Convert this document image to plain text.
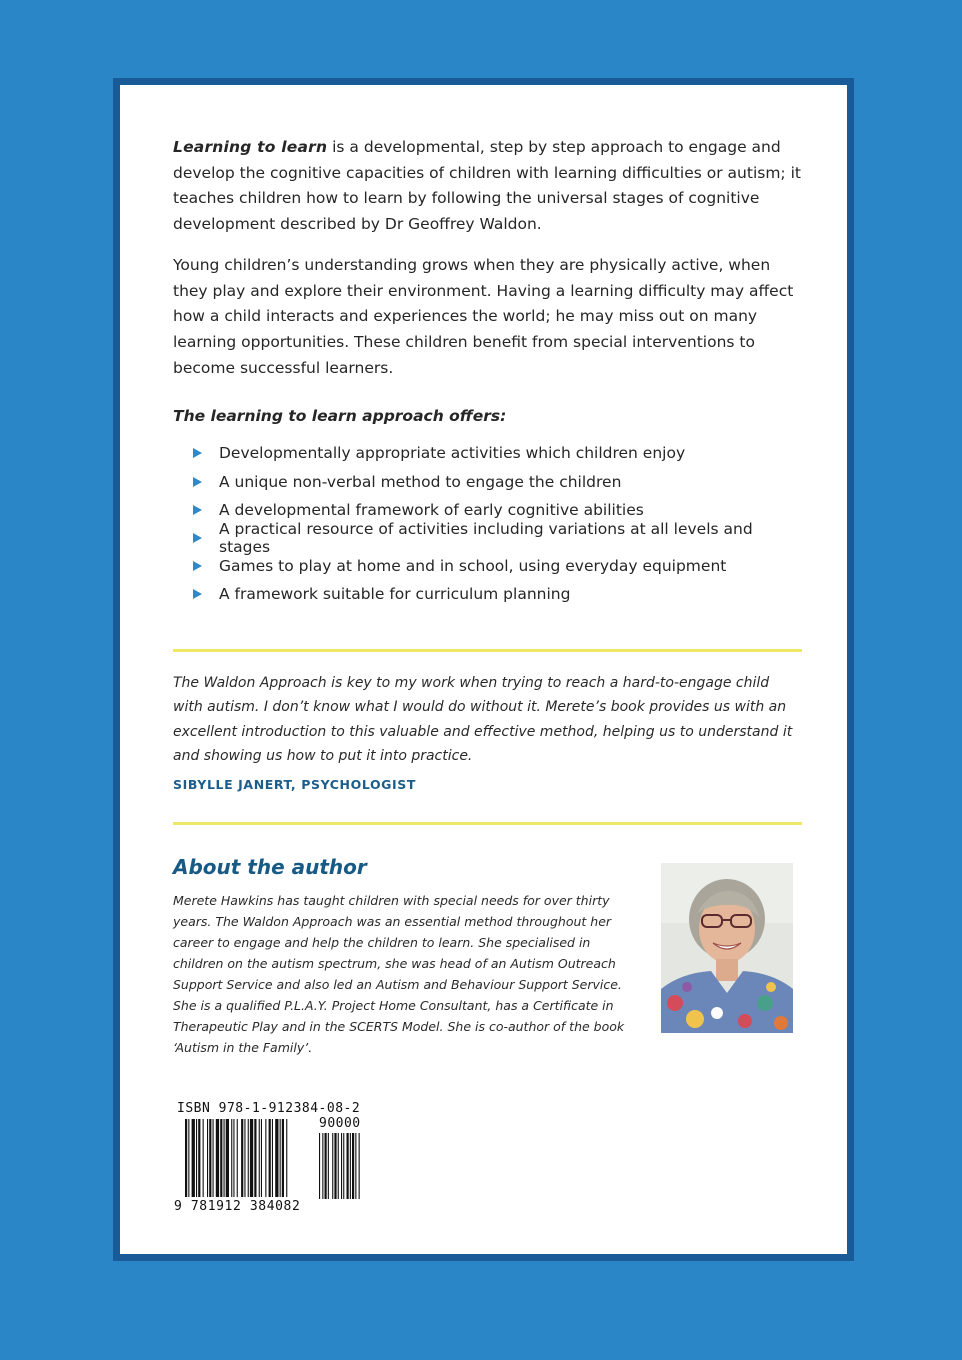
Learning to learn is a developmental, step by step approach to engage and develop the cognitive capacities of children with learning difficulties or autism; it teaches children how to learn by following the universal stages of cognitive development described by Dr Geoffrey Waldon.

Young children’s understanding grows when they are physically active, when they play and explore their environment. Having a learning difficulty may affect how a child interacts and experiences the world; he may miss out on many learning opportunities. These children benefit from special interventions to become successful learners.

The learning to learn approach offers:
Developmentally appropriate activities which children enjoy
A unique non-verbal method to engage the children
A developmental framework of early cognitive abilities
A practical resource of activities including variations at all levels and stages
Games to play at home and in school, using everyday equipment
A framework suitable for curriculum planning
The Waldon Approach is key to my work when trying to reach a hard-to-engage child with autism. I don’t know what I would do without it. Merete’s book provides us with an excellent introduction to this valuable and effective method, helping us to understand it and showing us how to put it into practice.
SIBYLLE JANERT, PSYCHOLOGIST
About the author
Merete Hawkins has taught children with special needs for over thirty years. The Waldon Approach was an essential method throughout her career to engage and help the children to learn. She specialised in children on the autism spectrum, she was head of an Autism Outreach Support Service and also led an Autism and Behaviour Support Service. She is a qualified P.L.A.Y. Project Home Consultant, has a Certificate in Therapeutic Play and in the SCERTS Model. She is co-author of the book ‘Autism in the Family’.
ISBN 978-1-912384-08-2
90000
9 781912 384082
